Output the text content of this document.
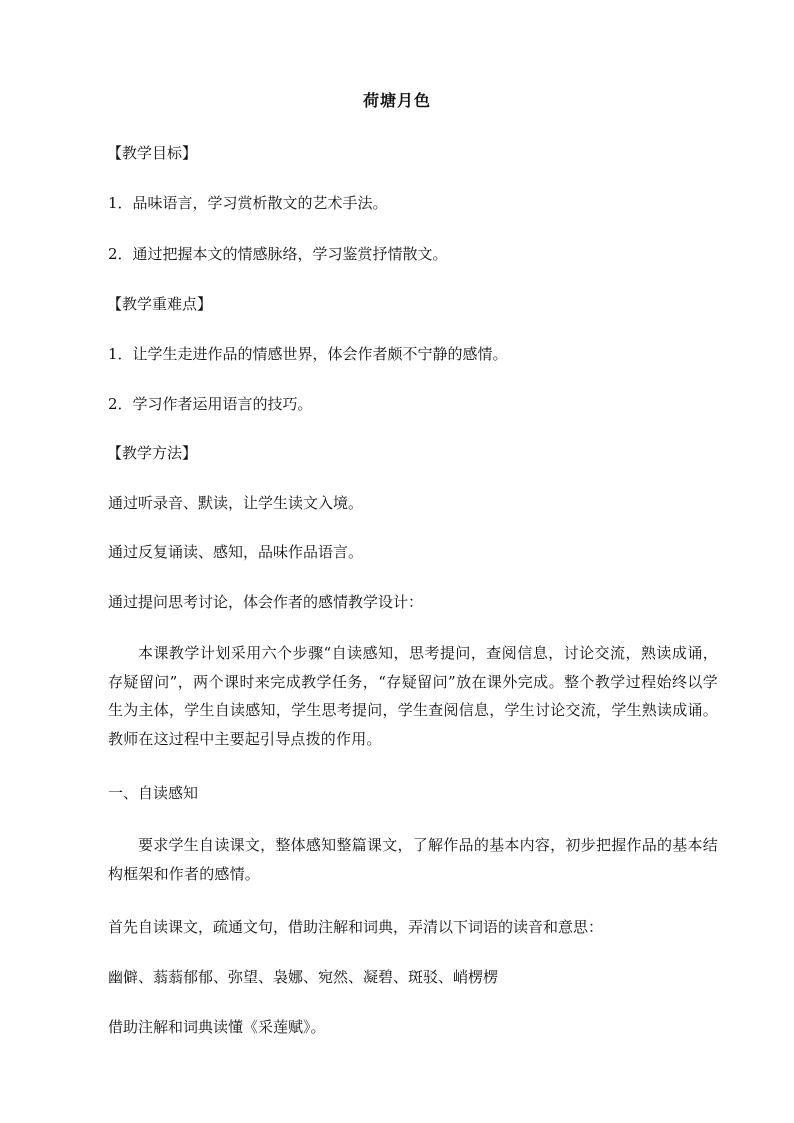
荷塘月色
【教学目标】
1．品味语言，学习赏析散文的艺术手法。
2．通过把握本文的情感脉络，学习鉴赏抒情散文。
【教学重难点】
1．让学生走进作品的情感世界，体会作者颇不宁静的感情。
2．学习作者运用语言的技巧。
【教学方法】
通过听录音、默读，让学生读文入境。
通过反复诵读、感知，品味作品语言。
通过提问思考讨论，体会作者的感情教学设计：
本课教学计划采用六个步骤“自读感知，思考提问，查阅信息，讨论交流，熟读成诵，存疑留问”，两个课时来完成教学任务，“存疑留问”放在课外完成。整个教学过程始终以学生为主体，学生自读感知，学生思考提问，学生查阅信息，学生讨论交流，学生熟读成诵。教师在这过程中主要起引导点拨的作用。
一、自读感知
要求学生自读课文，整体感知整篇课文，了解作品的基本内容，初步把握作品的基本结构框架和作者的感情。
首先自读课文，疏通文句，借助注解和词典，弄清以下词语的读音和意思：
幽僻、蓊蓊郁郁、弥望、袅娜、宛然、凝碧、斑驳、峭楞楞
借助注解和词典读懂《采莲赋》。
